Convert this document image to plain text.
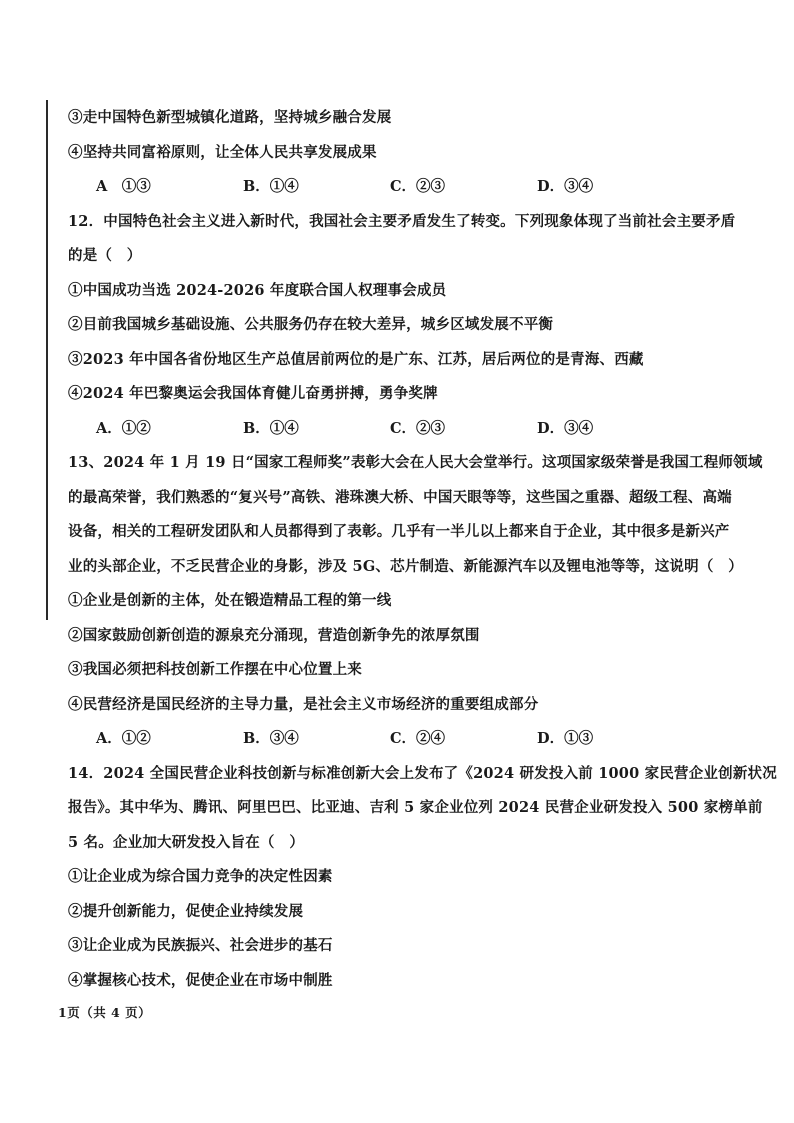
③走中国特色新型城镇化道路，坚持城乡融合发展
④坚持共同富裕原则，让全体人民共享发展成果
A　①③	B．①④	C．②③	D．③④
12．中国特色社会主义进入新时代，我国社会主要矛盾发生了转变。下列现象体现了当前社会主要矛盾
的是（　）
①中国成功当选 2024-2026 年度联合国人权理事会成员
②目前我国城乡基础设施、公共服务仍存在较大差异，城乡区域发展不平衡
③2023 年中国各省份地区生产总值居前两位的是广东、江苏，居后两位的是青海、西藏
④2024 年巴黎奥运会我国体育健儿奋勇拼搏，勇争奖牌
A．①②	B．①④	C．②③	D．③④
13、2024 年 1 月 19 日“国家工程师奖”表彰大会在人民大会堂举行。这项国家级荣誉是我国工程师领域
的最高荣誉，我们熟悉的“复兴号”高铁、港珠澳大桥、中国天眼等等，这些国之重器、超级工程、高端
设备，相关的工程研发团队和人员都得到了表彰。几乎有一半儿以上都来自于企业，其中很多是新兴产
业的头部企业，不乏民营企业的身影，涉及 5G、芯片制造、新能源汽车以及锂电池等等，这说明（　）
①企业是创新的主体，处在锻造精品工程的第一线
②国家鼓励创新创造的源泉充分涌现，营造创新争先的浓厚氛围
③我国必须把科技创新工作摆在中心位置上来
④民营经济是国民经济的主导力量，是社会主义市场经济的重要组成部分
A．①②	B．③④	C．②④	D．①③
14．2024 全国民营企业科技创新与标准创新大会上发布了《2024 研发投入前 1000 家民营企业创新状况
报告》。其中华为、腾讯、阿里巴巴、比亚迪、吉利 5 家企业位列 2024 民营企业研发投入 500 家榜单前
5 名。企业加大研发投入旨在（　）
①让企业成为综合国力竞争的决定性因素
②提升创新能力，促使企业持续发展
③让企业成为民族振兴、社会进步的基石
④掌握核心技术，促使企业在市场中制胜
1页（共 4 页）
